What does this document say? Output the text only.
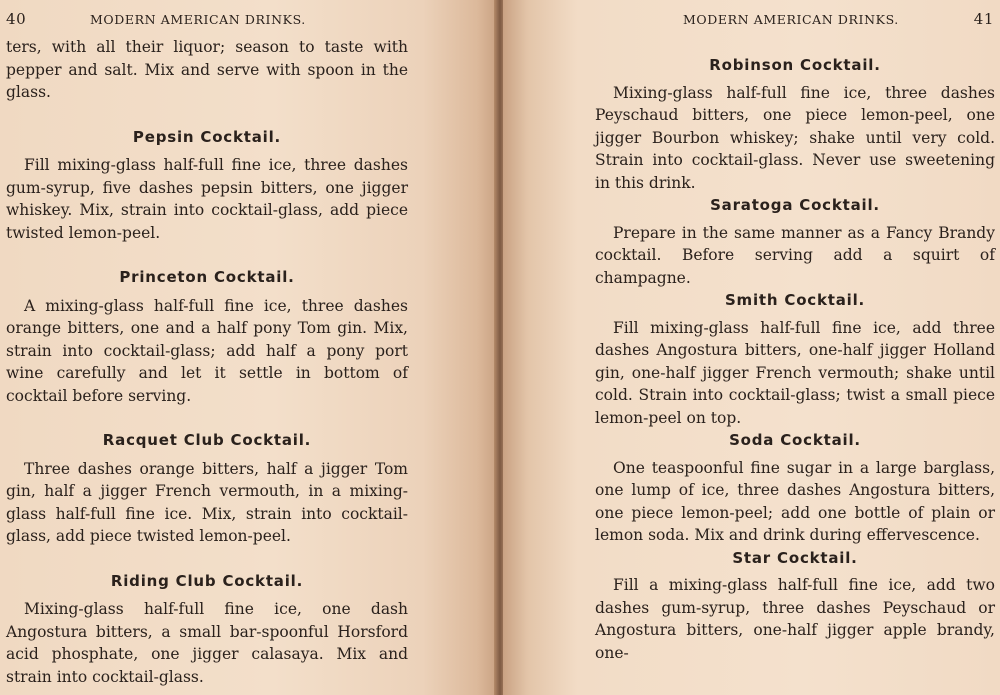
40	MODERN AMERICAN DRINKS.

ters, with all their liquor; season to taste with pepper and salt. Mix and serve with spoon in the glass.

Pepsin Cocktail.

Fill mixing-glass half-full fine ice, three dashes gum-syrup, five dashes pepsin bitters, one jigger whiskey. Mix, strain into cocktail-glass, add piece twisted lemon-peel.

Princeton Cocktail.

A mixing-glass half-full fine ice, three dashes orange bitters, one and a half pony Tom gin. Mix, strain into cocktail-glass; add half a pony port wine carefully and let it settle in bottom of cocktail before serving.

Racquet Club Cocktail.

Three dashes orange bitters, half a jigger Tom gin, half a jigger French vermouth, in a mixing-glass half-full fine ice. Mix, strain into cocktail-glass, add piece twisted lemon-peel.

Riding Club Cocktail.

Mixing-glass half-full fine ice, one dash Angostura bitters, a small bar-spoonful Horsford acid phosphate, one jigger calasaya. Mix and strain into cocktail-glass.

MODERN AMERICAN DRINKS.	41
Robinson Cocktail.

Mixing-glass half-full fine ice, three dashes Peyschaud bitters, one piece lemon-peel, one jigger Bourbon whiskey; shake until very cold. Strain into cocktail-glass. Never use sweetening in this drink.

Saratoga Cocktail.

Prepare in the same manner as a Fancy Brandy cocktail. Before serving add a squirt of champagne.

Smith Cocktail.

Fill mixing-glass half-full fine ice, add three dashes Angostura bitters, one-half jigger Holland gin, one-half jigger French vermouth; shake until cold. Strain into cocktail-glass; twist a small piece lemon-peel on top.

Soda Cocktail.

One teaspoonful fine sugar in a large barglass, one lump of ice, three dashes Angostura bitters, one piece lemon-peel; add one bottle of plain or lemon soda. Mix and drink during effervescence.

Star Cocktail.

Fill a mixing-glass half-full fine ice, add two dashes gum-syrup, three dashes Peyschaud or Angostura bitters, one-half jigger apple brandy, one-
